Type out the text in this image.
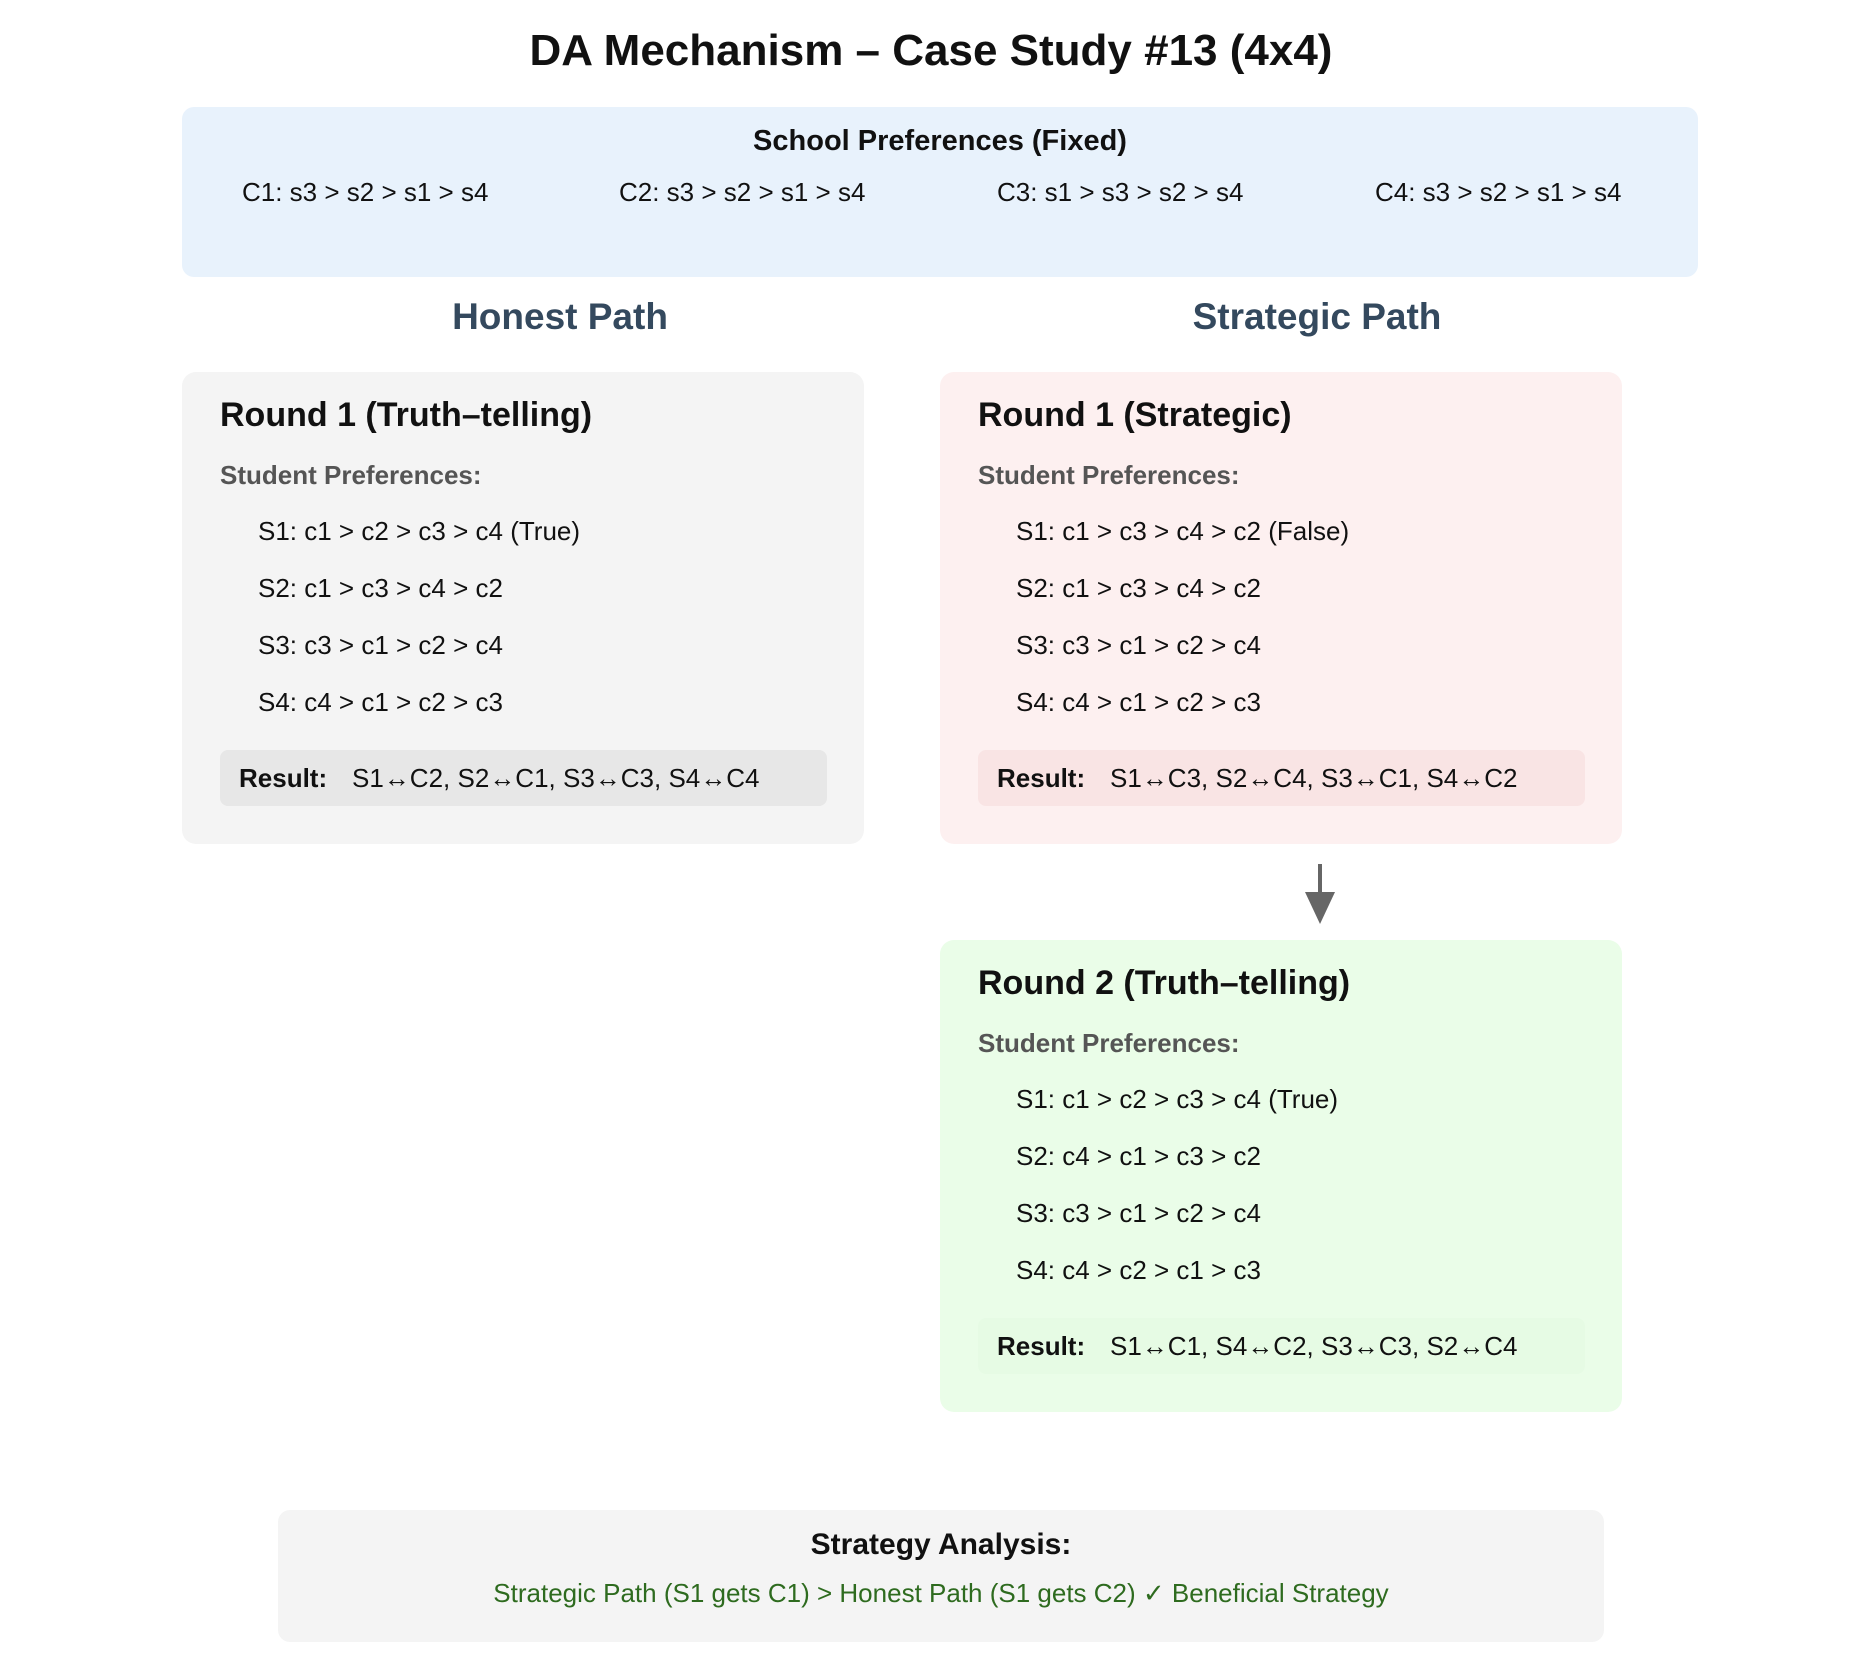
DA Mechanism – Case Study #13 (4x4)
School Preferences (Fixed)
C1: s3 > s2 > s1 > s4	C2: s3 > s2 > s1 > s4	C3: s1 > s3 > s2 > s4	C4: s3 > s2 > s1 > s4
Honest Path	Strategic Path
Round 1 (Truth–telling)
Student Preferences:
S1: c1 > c2 > c3 > c4 (True)
S2: c1 > c3 > c4 > c2
S3: c3 > c1 > c2 > c4
S4: c4 > c1 > c2 > c3
Result: S1↔C2, S2↔C1, S3↔C3, S4↔C4
Round 1 (Strategic)
Student Preferences:
S1: c1 > c3 > c4 > c2 (False)
S2: c1 > c3 > c4 > c2
S3: c3 > c1 > c2 > c4
S4: c4 > c1 > c2 > c3
Result: S1↔C3, S2↔C4, S3↔C1, S4↔C2
Round 2 (Truth–telling)
Student Preferences:
S1: c1 > c2 > c3 > c4 (True)
S2: c4 > c1 > c3 > c2
S3: c3 > c1 > c2 > c4
S4: c4 > c2 > c1 > c3
Result: S1↔C1, S4↔C2, S3↔C3, S2↔C4
Strategy Analysis:
Strategic Path (S1 gets C1) > Honest Path (S1 gets C2) ✓ Beneficial Strategy
